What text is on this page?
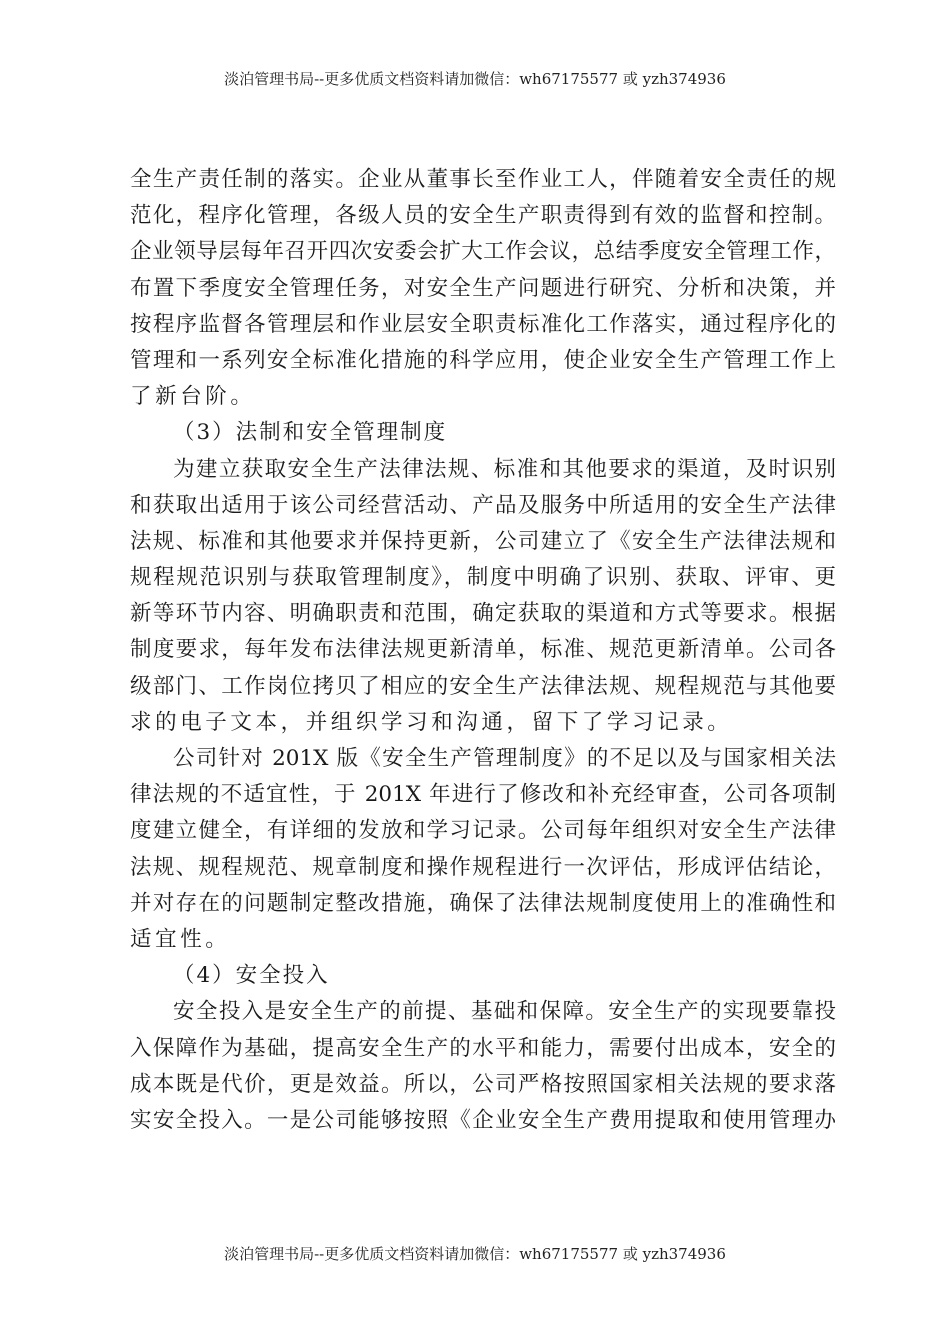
淡泊管理书局--更多优质文档资料请加微信：wh67175577 或 yzh374936
全生产责任制的落实。企业从董事长至作业工人，伴随着安全责任的规
范化，程序化管理，各级人员的安全生产职责得到有效的监督和控制。
企业领导层每年召开四次安委会扩大工作会议，总结季度安全管理工作，
布置下季度安全管理任务，对安全生产问题进行研究、分析和决策，并
按程序监督各管理层和作业层安全职责标准化工作落实，通过程序化的
管理和一系列安全标准化措施的科学应用，使企业安全生产管理工作上
了新台阶。
（3）法制和安全管理制度
为建立获取安全生产法律法规、标准和其他要求的渠道，及时识别
和获取出适用于该公司经营活动、产品及服务中所适用的安全生产法律
法规、标准和其他要求并保持更新，公司建立了《安全生产法律法规和
规程规范识别与获取管理制度》，制度中明确了识别、获取、评审、更
新等环节内容、明确职责和范围，确定获取的渠道和方式等要求。根据
制度要求，每年发布法律法规更新清单，标准、规范更新清单。公司各
级部门、工作岗位拷贝了相应的安全生产法律法规、规程规范与其他要
求的电子文本，并组织学习和沟通，留下了学习记录。
公司针对 201X 版《安全生产管理制度》的不足以及与国家相关法
律法规的不适宜性，于 201X 年进行了修改和补充经审查，公司各项制
度建立健全，有详细的发放和学习记录。公司每年组织对安全生产法律
法规、规程规范、规章制度和操作规程进行一次评估，形成评估结论，
并对存在的问题制定整改措施，确保了法律法规制度使用上的准确性和
适宜性。
（4）安全投入
安全投入是安全生产的前提、基础和保障。安全生产的实现要靠投
入保障作为基础，提高安全生产的水平和能力，需要付出成本，安全的
成本既是代价，更是效益。所以，公司严格按照国家相关法规的要求落
实安全投入。一是公司能够按照《企业安全生产费用提取和使用管理办
淡泊管理书局--更多优质文档资料请加微信：wh67175577 或 yzh374936
